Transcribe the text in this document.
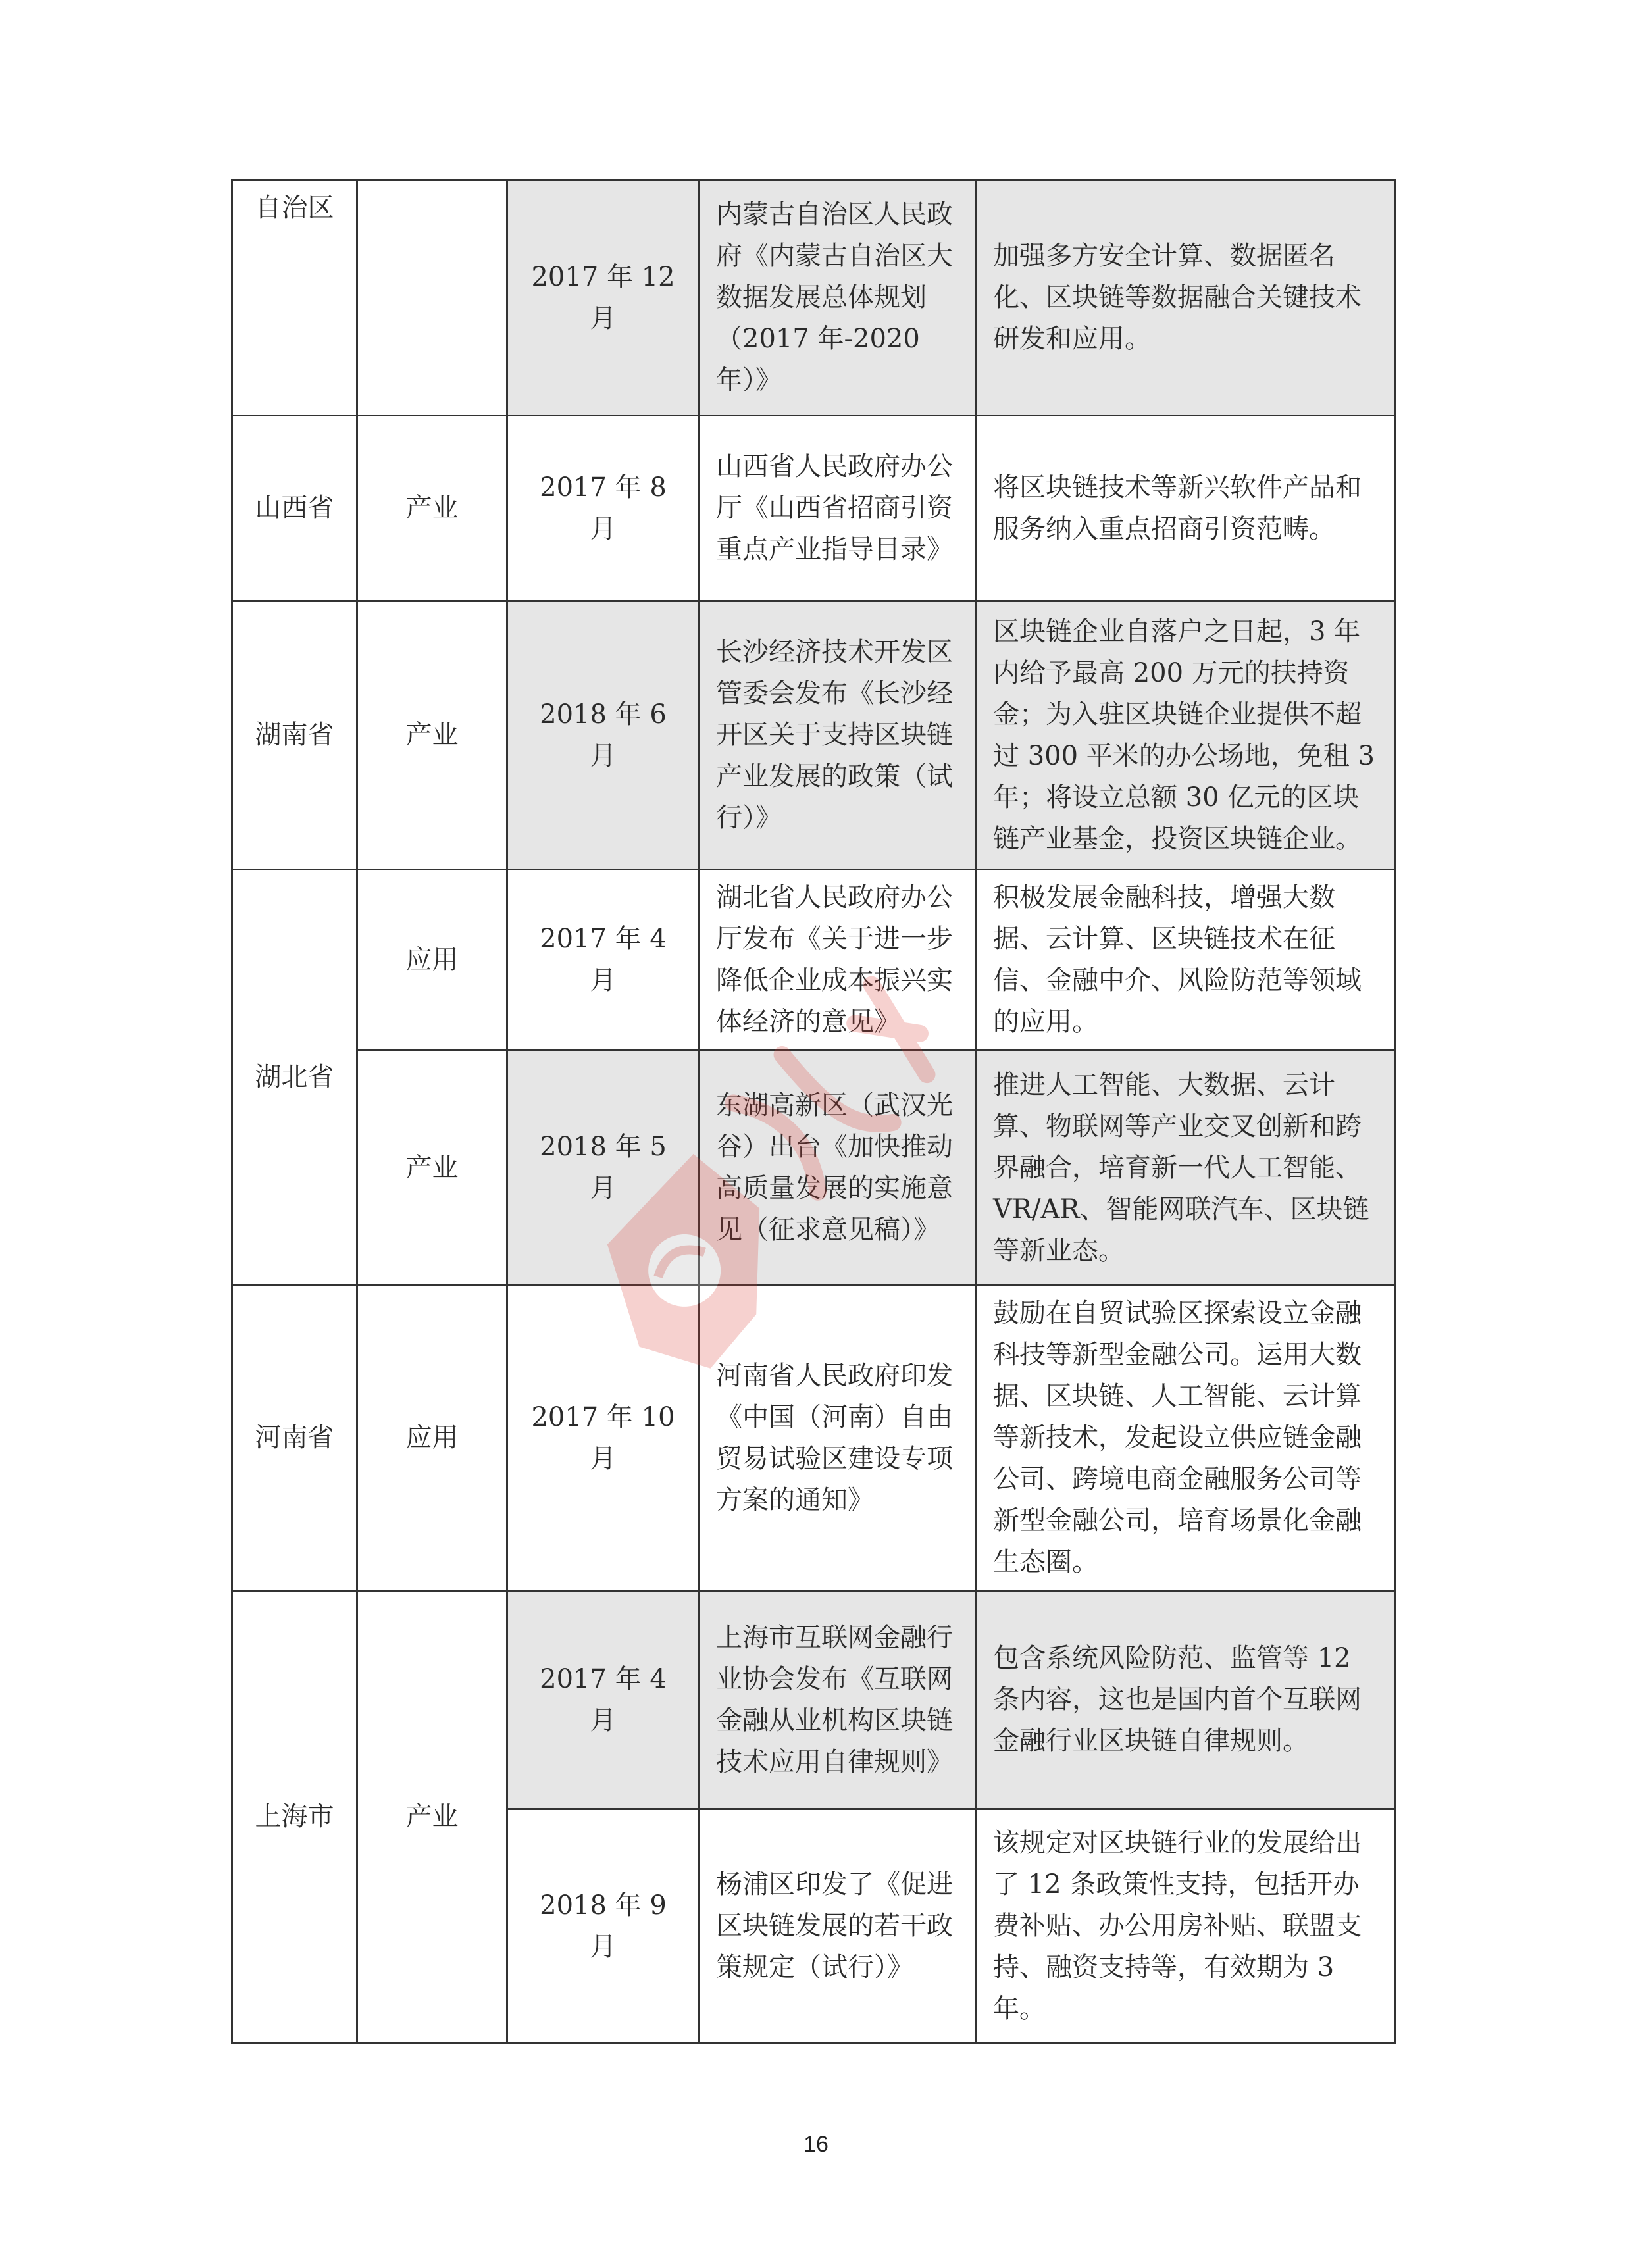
自治区		2017 年 12 月	内蒙古自治区人民政府《内蒙古自治区大数据发展总体规划（2017 年-2020 年）》	加强多方安全计算、数据匿名化、区块链等数据融合关键技术研发和应用。
山西省	产业	2017 年 8 月	山西省人民政府办公厅《山西省招商引资重点产业指导目录》	将区块链技术等新兴软件产品和服务纳入重点招商引资范畴。
湖南省	产业	2018 年 6 月	长沙经济技术开发区管委会发布《长沙经开区关于支持区块链产业发展的政策（试行）》	区块链企业自落户之日起，3 年内给予最高 200 万元的扶持资金；为入驻区块链企业提供不超过 300 平米的办公场地，免租 3 年；将设立总额 30 亿元的区块链产业基金，投资区块链企业。
湖北省	应用	2017 年 4 月	湖北省人民政府办公厅发布《关于进一步降低企业成本振兴实体经济的意见》	积极发展金融科技，增强大数据、云计算、区块链技术在征信、金融中介、风险防范等领域的应用。
	产业	2018 年 5 月	东湖高新区（武汉光谷）出台《加快推动高质量发展的实施意见（征求意见稿）》	推进人工智能、大数据、云计算、物联网等产业交叉创新和跨界融合，培育新一代人工智能、VR/AR、智能网联汽车、区块链等新业态。
河南省	应用	2017 年 10 月	河南省人民政府印发《中国（河南）自由贸易试验区建设专项方案的通知》	鼓励在自贸试验区探索设立金融科技等新型金融公司。运用大数据、区块链、人工智能、云计算等新技术，发起设立供应链金融公司、跨境电商金融服务公司等新型金融公司，培育场景化金融生态圈。
上海市	产业	2017 年 4 月	上海市互联网金融行业协会发布《互联网金融从业机构区块链技术应用自律规则》	包含系统风险防范、监管等 12 条内容，这也是国内首个互联网金融行业区块链自律规则。
		2018 年 9 月	杨浦区印发了《促进区块链发展的若干政策规定（试行）》	该规定对区块链行业的发展给出了 12 条政策性支持，包括开办费补贴、办公用房补贴、联盟支持、融资支持等，有效期为 3 年。
16
